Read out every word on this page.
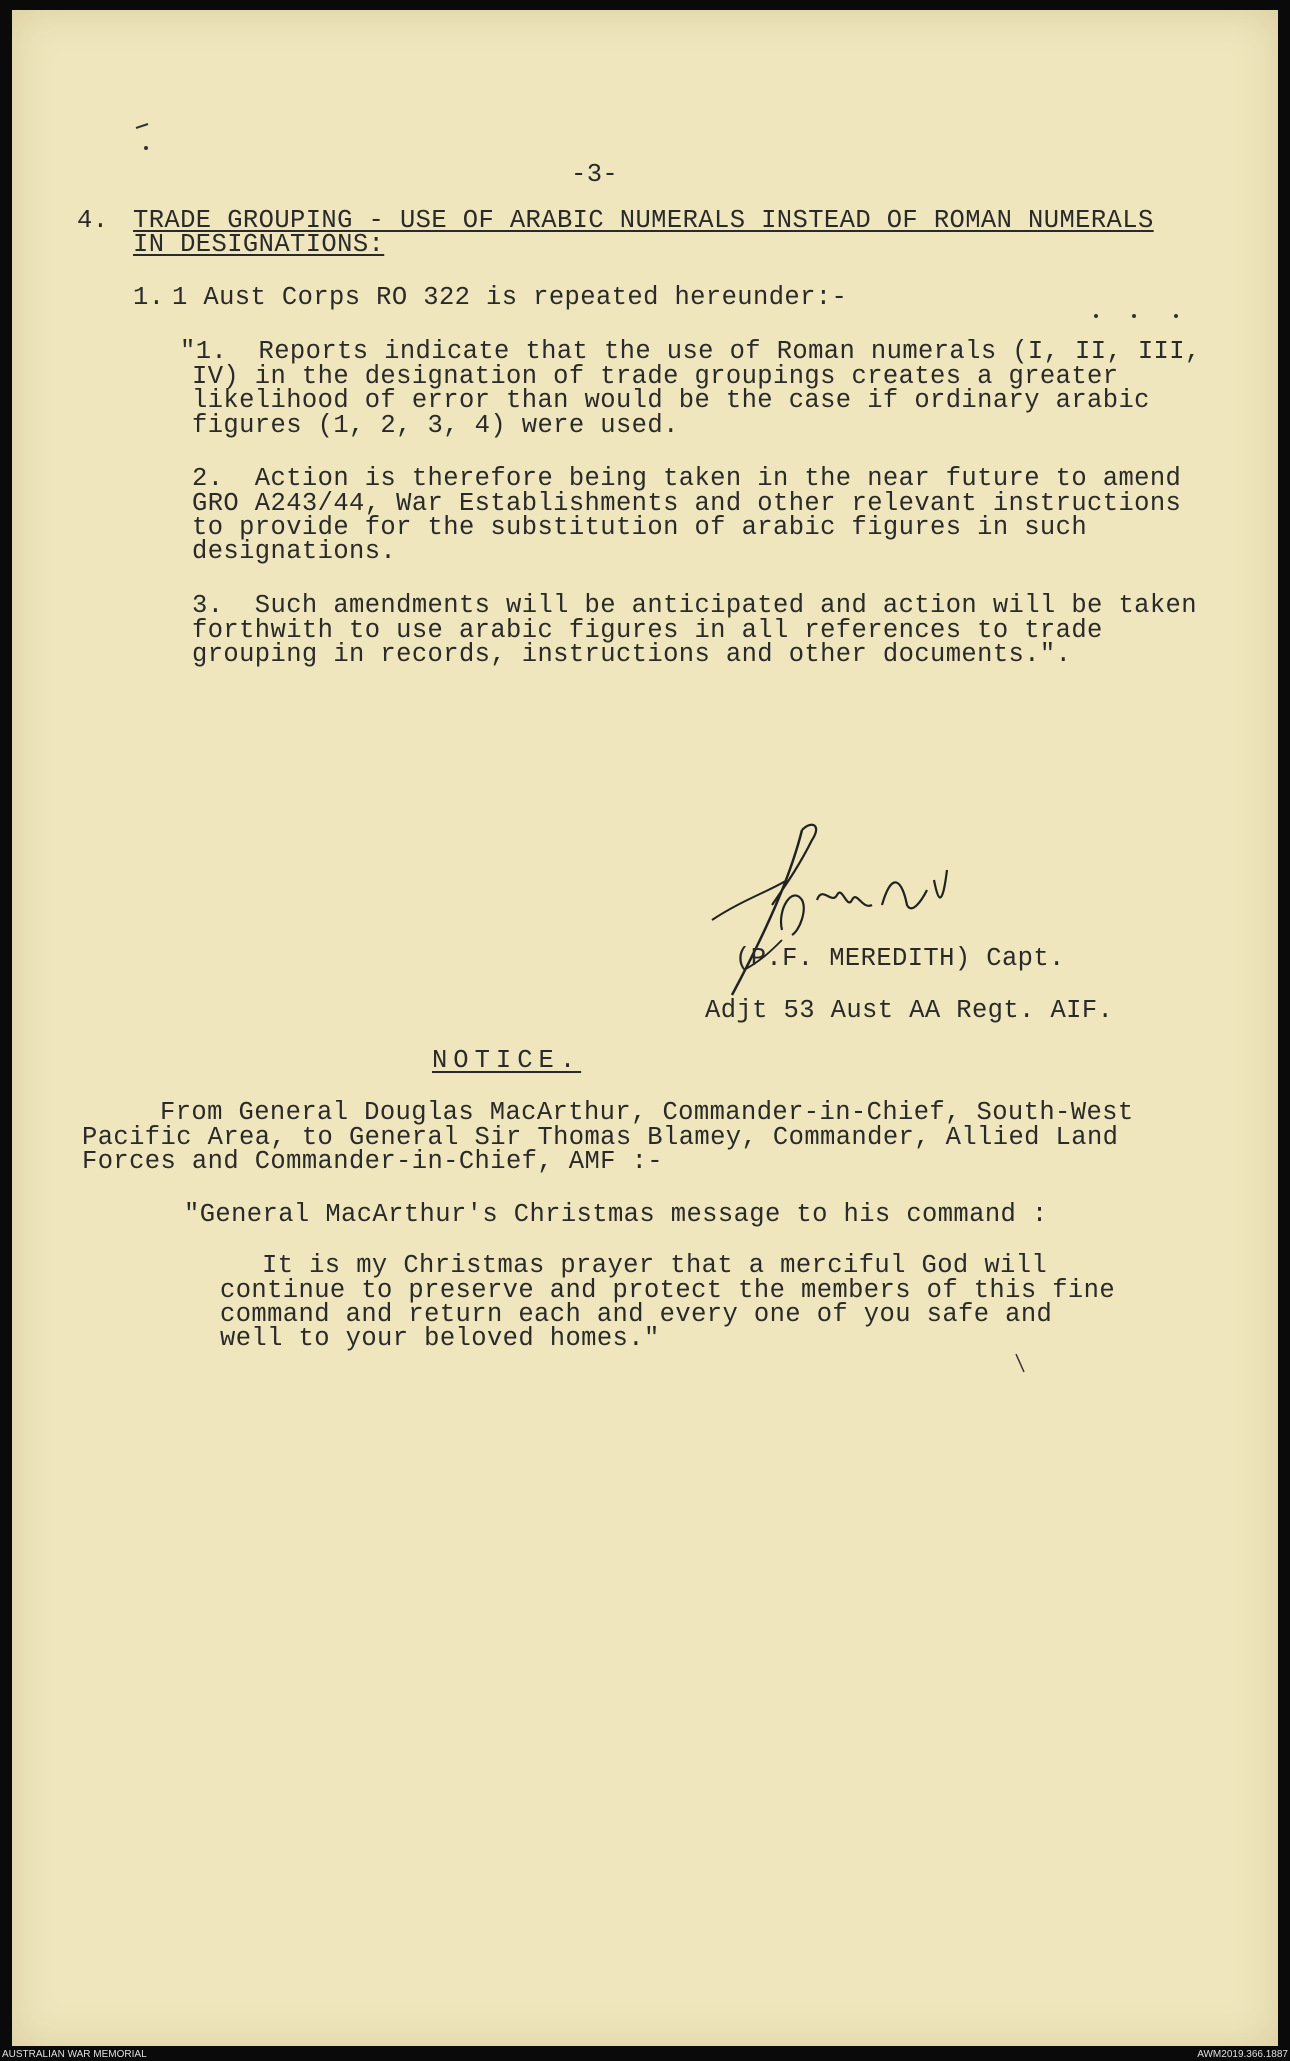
-3-
4. TRADE GROUPING - USE OF ARABIC NUMERALS INSTEAD OF ROMAN NUMERALS
IN DESIGNATIONS:
1. 1 Aust Corps RO 322 is repeated hereunder:-
"1.  Reports indicate that the use of Roman numerals (I, II, III,
IV) in the designation of trade groupings creates a greater
likelihood of error than would be the case if ordinary arabic
figures (1, 2, 3, 4) were used.
2.  Action is therefore being taken in the near future to amend
GRO A243/44, War Establishments and other relevant instructions
to provide for the substitution of arabic figures in such
designations.
3.  Such amendments will be anticipated and action will be taken
forthwith to use arabic figures in all references to trade
grouping in records, instructions and other documents.".
(P.F. MEREDITH) Capt.
Adjt 53 Aust AA Regt. AIF.
NOTICE.
From General Douglas MacArthur, Commander-in-Chief, South-West
Pacific Area, to General Sir Thomas Blamey, Commander, Allied Land
Forces and Commander-in-Chief, AMF :-
"General MacArthur's Christmas message to his command :
It is my Christmas prayer that a merciful God will
continue to preserve and protect the members of this fine
command and return each and every one of you safe and
well to your beloved homes."
AUSTRALIAN WAR MEMORIAL	AWM2019.366.1887
